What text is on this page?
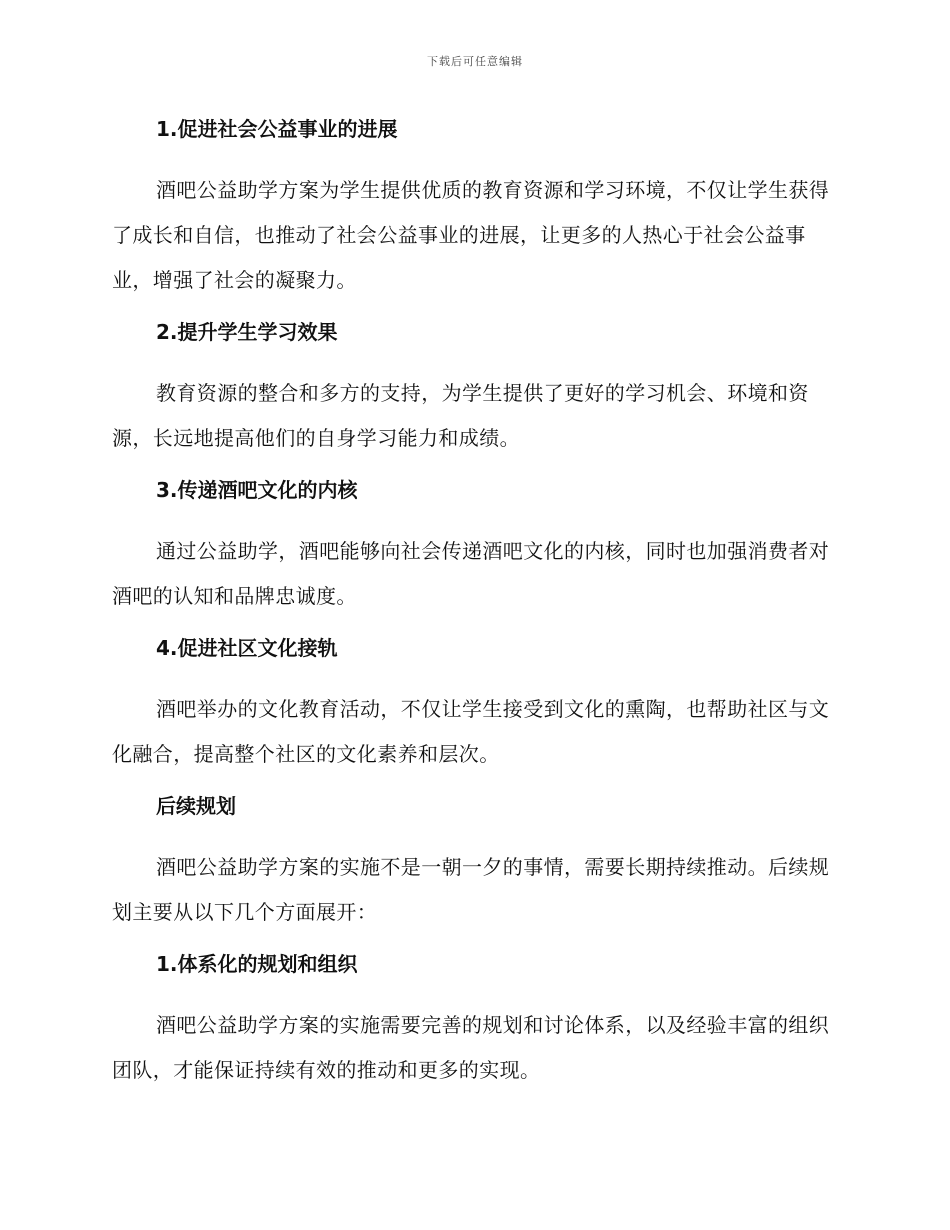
下载后可任意编辑
1.促进社会公益事业的进展

酒吧公益助学方案为学生提供优质的教育资源和学习环境，不仅让学生获得了成长和自信，也推动了社会公益事业的进展，让更多的人热心于社会公益事业，增强了社会的凝聚力。

2.提升学生学习效果

教育资源的整合和多方的支持，为学生提供了更好的学习机会、环境和资源，长远地提高他们的自身学习能力和成绩。

3.传递酒吧文化的内核

通过公益助学，酒吧能够向社会传递酒吧文化的内核，同时也加强消费者对酒吧的认知和品牌忠诚度。

4.促进社区文化接轨

酒吧举办的文化教育活动，不仅让学生接受到文化的熏陶，也帮助社区与文化融合，提高整个社区的文化素养和层次。

后续规划

酒吧公益助学方案的实施不是一朝一夕的事情，需要长期持续推动。后续规划主要从以下几个方面展开：

1.体系化的规划和组织

酒吧公益助学方案的实施需要完善的规划和讨论体系，以及经验丰富的组织团队，才能保证持续有效的推动和更多的实现。
